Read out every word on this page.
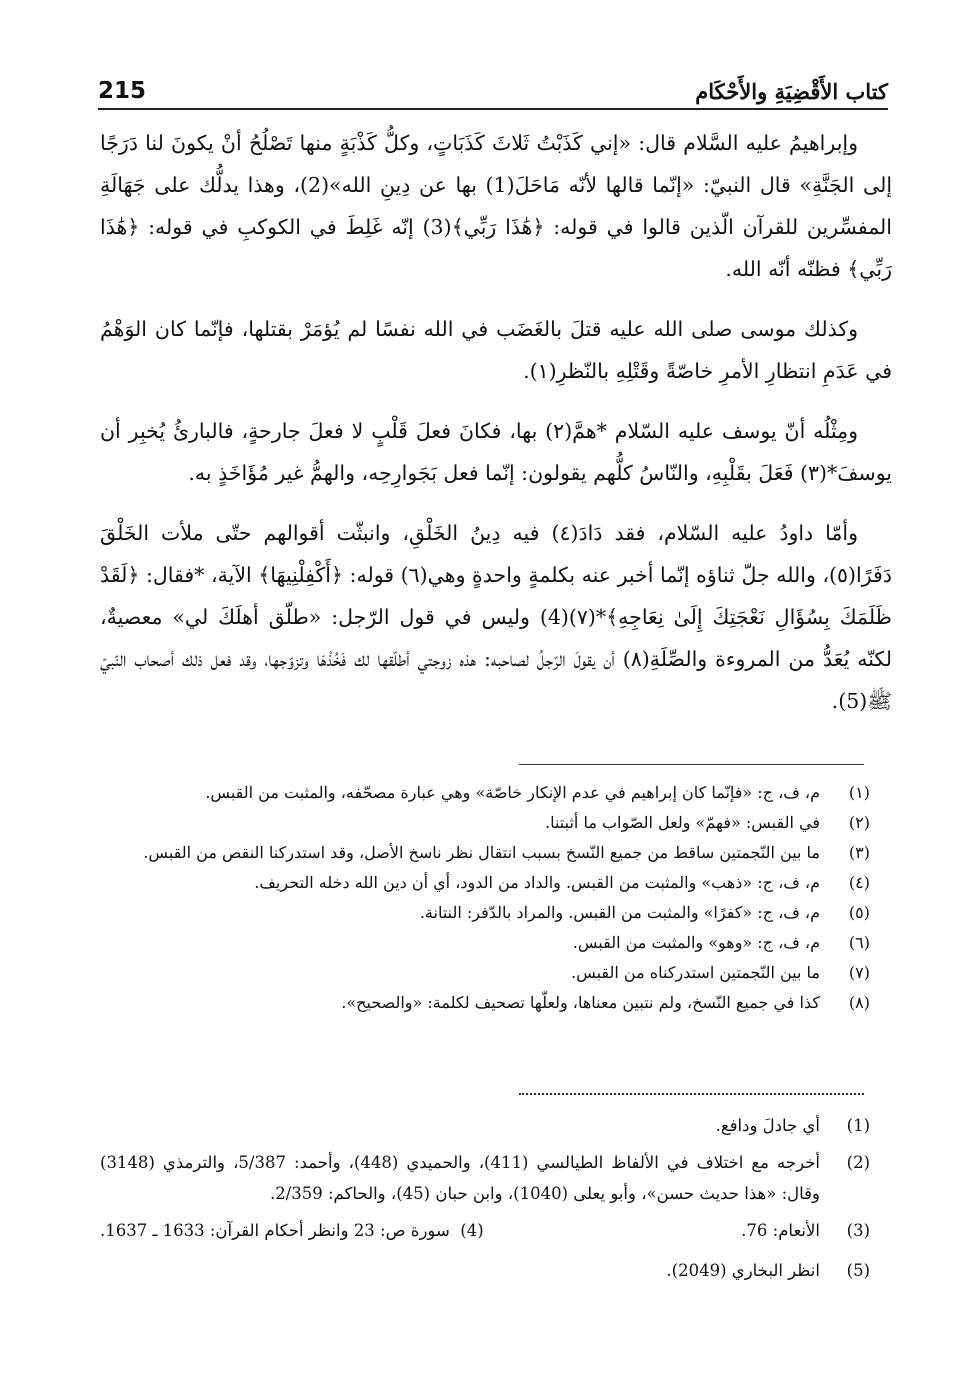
215	كتاب الأَقْضِيَةِ والأَحْكَام

وإبراهيمُ عليه السَّلام قال: «إني كَذَبْتُ ثَلاثَ كَذَبَاتٍ، وكلُّ كَذْبَةٍ منها تَصْلُحُ أنْ يكونَ لنا دَرَجًا إلى الجَنَّةِ» قال النبيّ: «إنّما قالها لأنّه مَاحَلَ(1) بها عن دِينِ الله»(2)، وهذا يدلُّك على جَهَالَةِ المفسِّرين للقرآن الّذين قالوا في قوله: ﴿هَٰذَا رَبِّي﴾(3) إنّه غَلِطَ في الكوكبِ في قوله: ﴿هَٰذَا رَبِّي﴾ فظنّه أنّه الله.

وكذلك موسى صلى الله عليه قتلَ بالغَضَب في الله نفسًا لم يُؤمَرْ بقتلها، فإنّما كان الوَهْمُ في عَدَمِ انتظارِ الأمرِ خاصّةً وقَتْلِهِ بالنّظرِ(١).

ومِثْلُه أنّ يوسف عليه السّلام *همَّ(٢) بها، فكانَ فعلَ قَلْبٍ لا فعلَ جارحةٍ، فالبارئُ يُخبِر أن يوسفَ*(٣) فَعَلَ بقَلْبِهِ، والنّاسُ كلُّهم يقولون: إنّما فعل بَجَوارِحِه، والهمُّ غير مُؤَاخَذٍ به.

وأمّا داودُ عليه السّلام، فقد دَادَ(٤) فيه دِينُ الخَلْقِ، وانبثّت أقوالهم حتّى ملأت الخَلْقَ دَفَرًا(٥)، والله جلّ ثناؤه إنّما أخبر عنه بكلمةٍ واحدةٍ وهي(٦) قوله: ﴿أَكْفِلْنِيهَا﴾ الآية، *فقال: ﴿لَقَدْ ظَلَمَكَ بِسُؤَالِ نَعْجَتِكَ إِلَىٰ نِعَاجِهِ﴾*(٧)(4) وليس في قول الرّجل: «طلّق أهلَكَ لي» معصيةٌ، لكنّه يُعَدُّ من المروءة والصِّلَةِ(٨) أن يقولَ الرّجلُ لصاحبه: هذه زوجتي أطلّقها لك فَخُذْهَا وتزوّجها، وقد فعل ذلك أصحاب النّبيّ ﷺ(5).

(١)
م، ف، ج: «فإنّما كان إبراهيم في عدم الإنكار خاصّة» وهي عبارة مصحّفه، والمثبت من القبس.
(٢)
في القبس: «فهمّ» ولعل الصّواب ما أثبتنا.
(٣)
ما بين النّجمتين ساقط من جميع النّسخ بسبب انتقال نظر ناسخ الأصل، وقد استدركنا النقص من القبس.
(٤)
م، ف، ج: «ذهب» والمثبت من القبس. والداد من الدود، أي أن دين الله دخله التحريف.
(٥)
م، ف، ج: «كفرًا» والمثبت من القبس. والمراد بالدّفر: النتانة.
(٦)
م، ف، ج: «وهو» والمثبت من القبس.
(٧)
ما بين النّجمتين استدركناه من القبس.
(٨)
كذا في جميع النّسخ، ولم نتبين معناها، ولعلّها تصحيف لكلمة: «والصحيح».
(1)
أي جادلَ ودافع.
(2)
أخرجه مع اختلاف في الألفاظ الطيالسي (411)، والحميدي (448)، وأحمد: 5/387، والترمذي (3148) وقال: «هذا حديث حسن»، وأبو يعلى (1040)، وابن حبان (45)، والحاكم: 2/359.
(3)
الأنعام: 76.
(4)  سورة ص: 23 وانظر أحكام القرآن: 1633 ـ 1637.
(5)
انظر البخاري (2049).
